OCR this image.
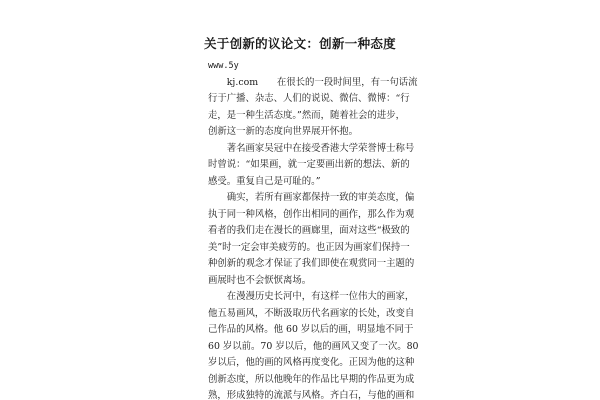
关于创新的议论文：创新一种态度
www.5y
　　kj.com　　在很长的一段时间里，有一句话流
行于广播、杂志、人们的说说、微信、微博：“行
走，是一种生活态度。”然而，随着社会的进步，
创新这一新的态度向世界展开怀抱。
　　著名画家吴冠中在接受香港大学荣誉博士称号
时曾说：“如果画，就一定要画出新的想法、新的
感受。重复自己是可耻的。”
　　确实，若所有画家都保持一致的审美态度，偏
执于同一种风格，创作出相同的画作，那么作为观
看者的我们走在漫长的画廊里，面对这些“极致的
美”时一定会审美疲劳的。也正因为画家们保持一
种创新的观念才保证了我们即使在观赏同一主题的
画展时也不会恹恹离场。
　　在漫漫历史长河中，有这样一位伟大的画家，
他五易画风，不断汲取历代名画家的长处，改变自
己作品的风格。他 60 岁以后的画，明显地不同于
60 岁以前。70 岁以后，他的画风又变了一次。80
岁以后，他的画的风格再度变化。正因为他的这种
创新态度，所以他晚年的作品比早期的作品更为成
熟，形成独特的流派与风格。齐白石，与他的画和
